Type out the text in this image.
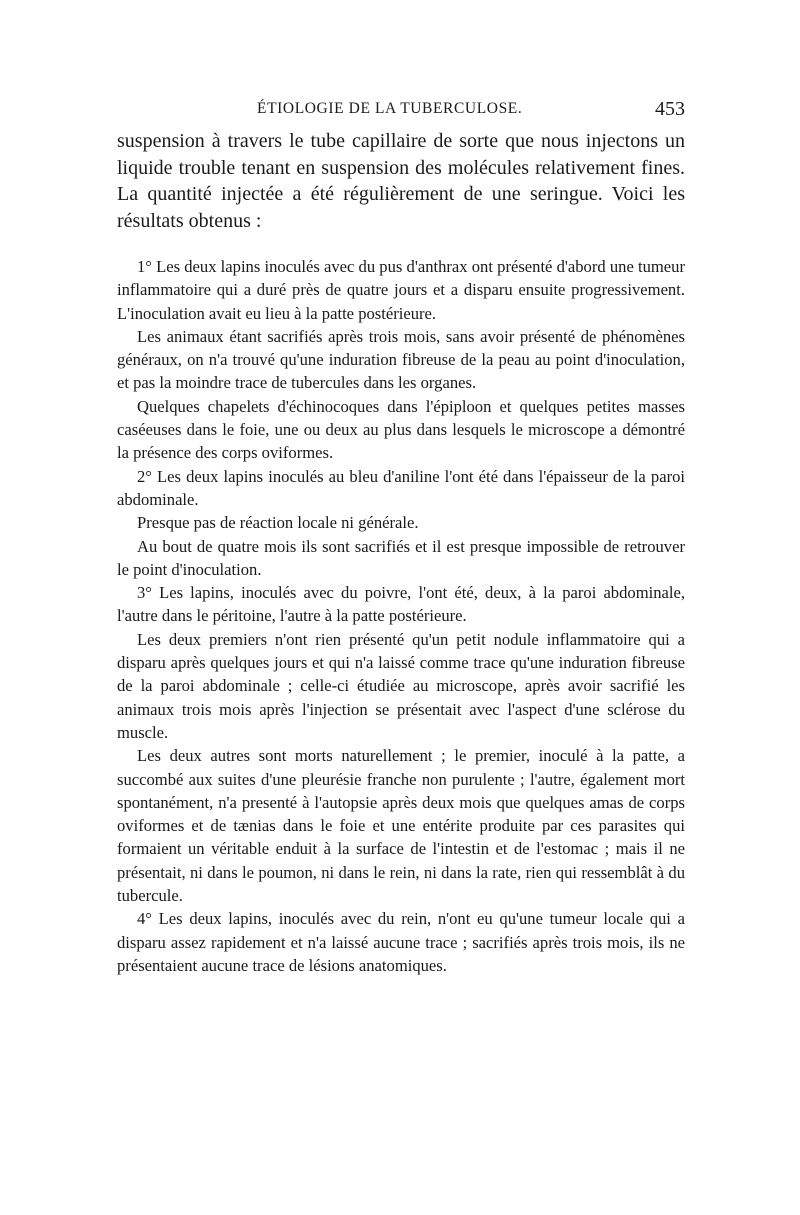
ÉTIOLOGIE DE LA TUBERCULOSE.	453

suspension à travers le tube capillaire de sorte que nous injectons un liquide trouble tenant en suspension des molécules relativement fines. La quantité injectée a été régulièrement de une seringue. Voici les résultats obtenus :

1° Les deux lapins inoculés avec du pus d'anthrax ont présenté d'abord une tumeur inflammatoire qui a duré près de quatre jours et a disparu ensuite progressivement. L'inoculation avait eu lieu à la patte postérieure.

Les animaux étant sacrifiés après trois mois, sans avoir présenté de phénomènes généraux, on n'a trouvé qu'une induration fibreuse de la peau au point d'inoculation, et pas la moindre trace de tubercules dans les organes.

Quelques chapelets d'échinocoques dans l'épiploon et quelques petites masses caséeuses dans le foie, une ou deux au plus dans lesquels le microscope a démontré la présence des corps oviformes.

2° Les deux lapins inoculés au bleu d'aniline l'ont été dans l'épaisseur de la paroi abdominale.

Presque pas de réaction locale ni générale.

Au bout de quatre mois ils sont sacrifiés et il est presque impossible de retrouver le point d'inoculation.

3° Les lapins, inoculés avec du poivre, l'ont été, deux, à la paroi abdominale, l'autre dans le péritoine, l'autre à la patte postérieure.

Les deux premiers n'ont rien présenté qu'un petit nodule inflammatoire qui a disparu après quelques jours et qui n'a laissé comme trace qu'une induration fibreuse de la paroi abdominale ; celle-ci étudiée au microscope, après avoir sacrifié les animaux trois mois après l'injection se présentait avec l'aspect d'une sclérose du muscle.

Les deux autres sont morts naturellement ; le premier, inoculé à la patte, a succombé aux suites d'une pleurésie franche non purulente ; l'autre, également mort spontanément, n'a presenté à l'autopsie après deux mois que quelques amas de corps oviformes et de tænias dans le foie et une entérite produite par ces parasites qui formaient un véritable enduit à la surface de l'intestin et de l'estomac ; mais il ne présentait, ni dans le poumon, ni dans le rein, ni dans la rate, rien qui ressemblât à du tubercule.

4° Les deux lapins, inoculés avec du rein, n'ont eu qu'une tumeur locale qui a disparu assez rapidement et n'a laissé aucune trace ; sacrifiés après trois mois, ils ne présentaient aucune trace de lésions anatomiques.
